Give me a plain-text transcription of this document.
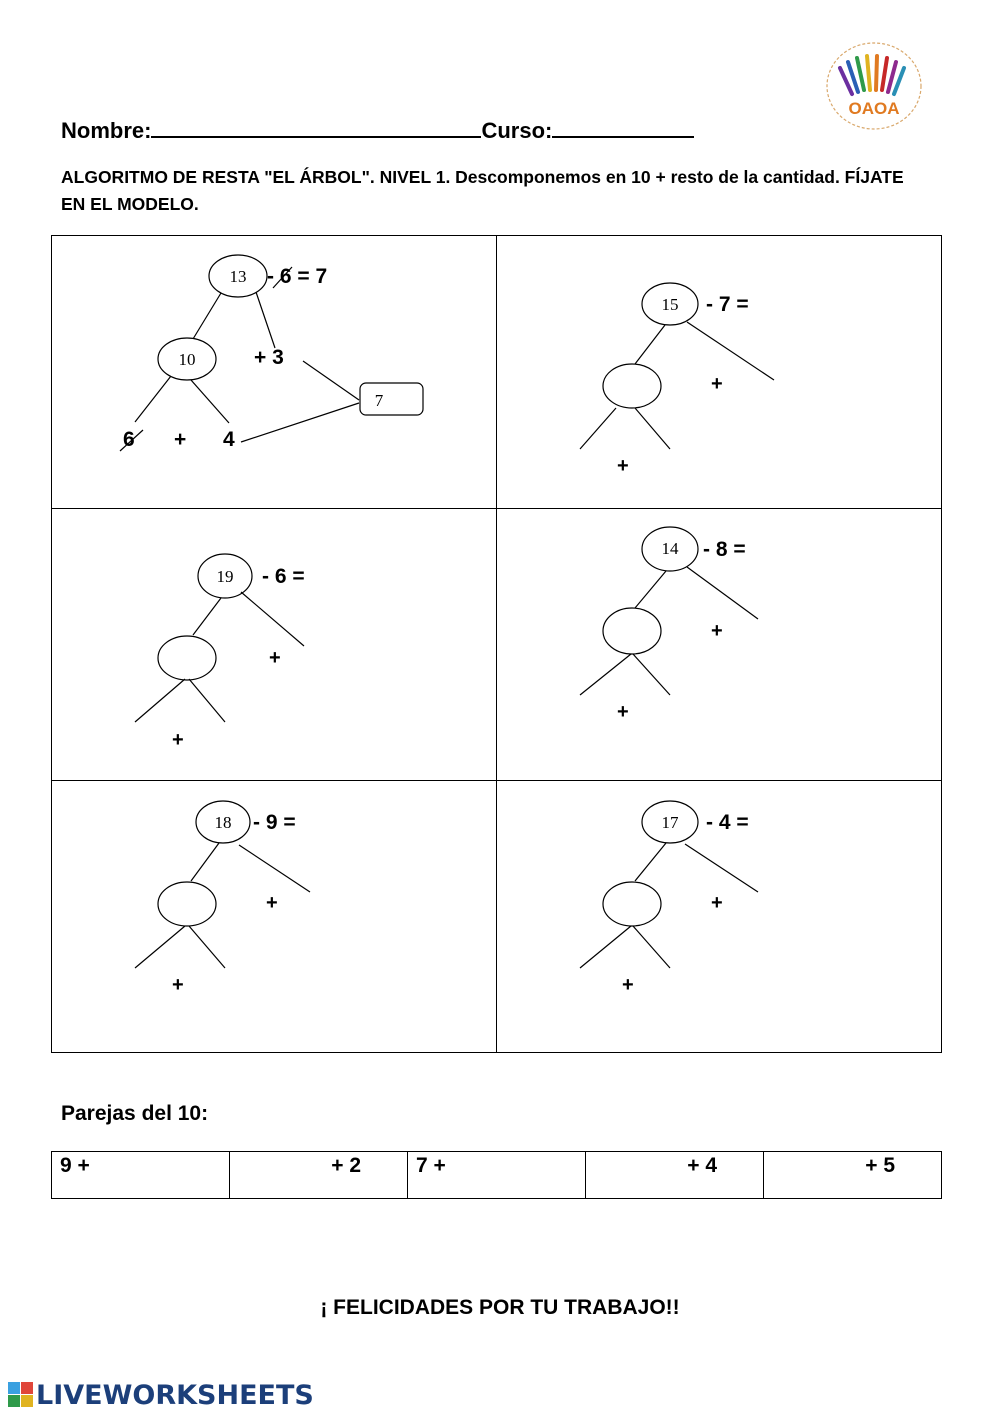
Nombre:	Curso:
ALGORITMO DE RESTA "EL ÁRBOL". NIVEL 1. Descomponemos en 10 + resto de la cantidad. FÍJATE EN EL MODELO.
OAOA
13 - 6 = 7
10	+ 3
6 + 4
7
15	- 7 =
+
+
19	- 6 =
+
+
14	- 8 =
+
+
18	- 9 =
+
+
17	- 4 =
+
+
Parejas del 10:
9 +	+ 2	7 +	+ 4	+ 5
¡ FELICIDADES POR TU TRABAJO!!
LIVEWORKSHEETS
